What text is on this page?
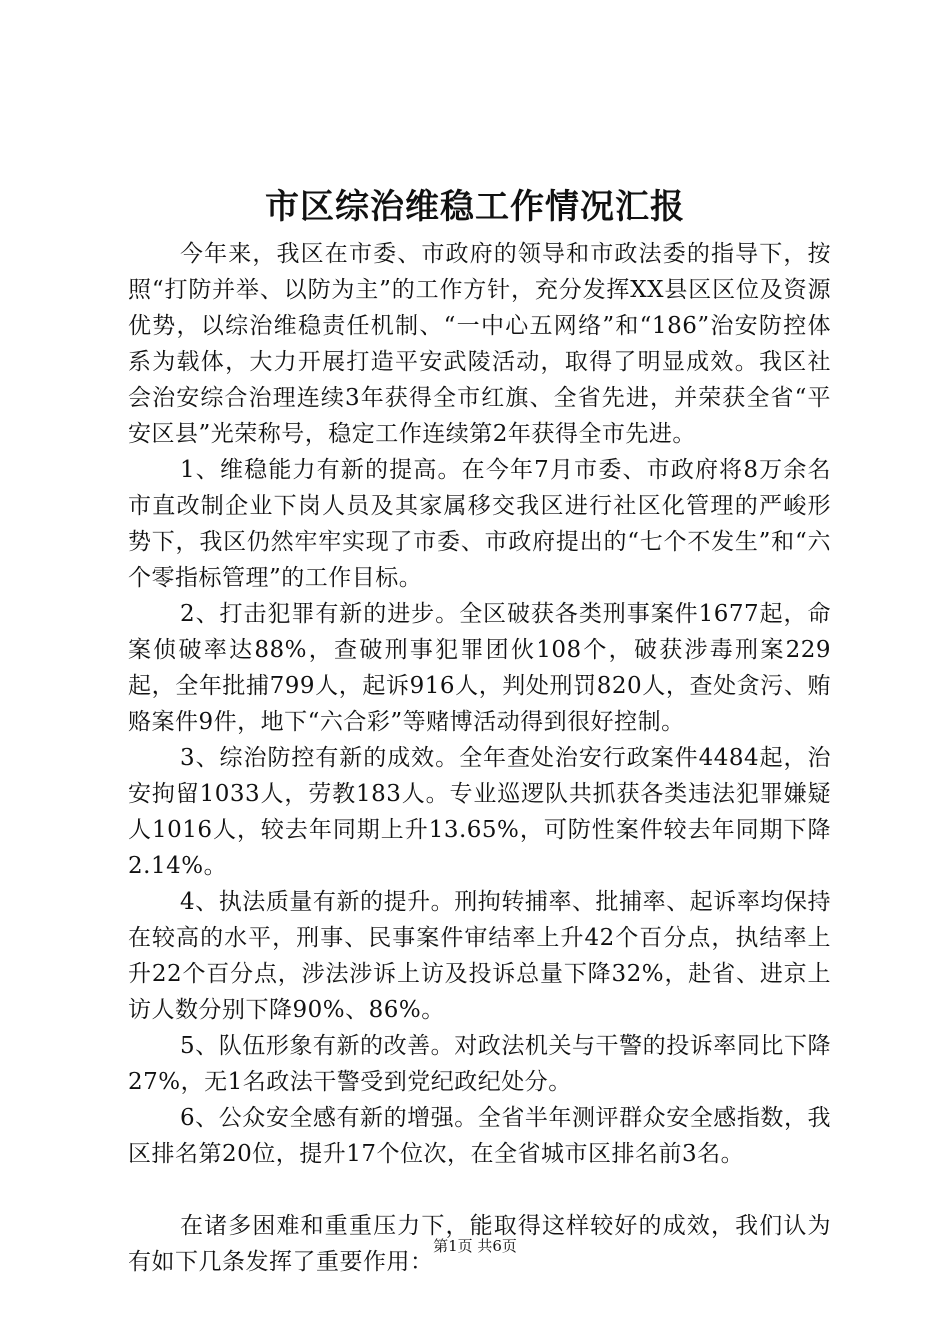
市区综治维稳工作情况汇报

今年来，我区在市委、市政府的领导和市政法委的指导下，按照“打防并举、以防为主”的工作方针，充分发挥XX县区区位及资源优势，以综治维稳责任机制、“一中心五网络”和“186”治安防控体系为载体，大力开展打造平安武陵活动，取得了明显成效。我区社会治安综合治理连续3年获得全市红旗、全省先进，并荣获全省“平安区县”光荣称号，稳定工作连续第2年获得全市先进。

1、维稳能力有新的提高。在今年7月市委、市政府将8万余名市直改制企业下岗人员及其家属移交我区进行社区化管理的严峻形势下，我区仍然牢牢实现了市委、市政府提出的“七个不发生”和“六个零指标管理”的工作目标。

2、打击犯罪有新的进步。全区破获各类刑事案件1677起，命案侦破率达88%，查破刑事犯罪团伙108个，破获涉毒刑案229起，全年批捕799人，起诉916人，判处刑罚820人，查处贪污、贿赂案件9件，地下“六合彩”等赌博活动得到很好控制。

3、综治防控有新的成效。全年查处治安行政案件4484起，治安拘留1033人，劳教183人。专业巡逻队共抓获各类违法犯罪嫌疑人1016人，较去年同期上升13.65%，可防性案件较去年同期下降2.14%。

4、执法质量有新的提升。刑拘转捕率、批捕率、起诉率均保持在较高的水平，刑事、民事案件审结率上升42个百分点，执结率上升22个百分点，涉法涉诉上访及投诉总量下降32%，赴省、进京上访人数分别下降90%、86%。

5、队伍形象有新的改善。对政法机关与干警的投诉率同比下降27%，无1名政法干警受到党纪政纪处分。

6、公众安全感有新的增强。全省半年测评群众安全感指数，我区排名第20位，提升17个位次，在全省城市区排名前3名。

在诸多困难和重重压力下，能取得这样较好的成效，我们认为有如下几条发挥了重要作用：

第1页 共6页
